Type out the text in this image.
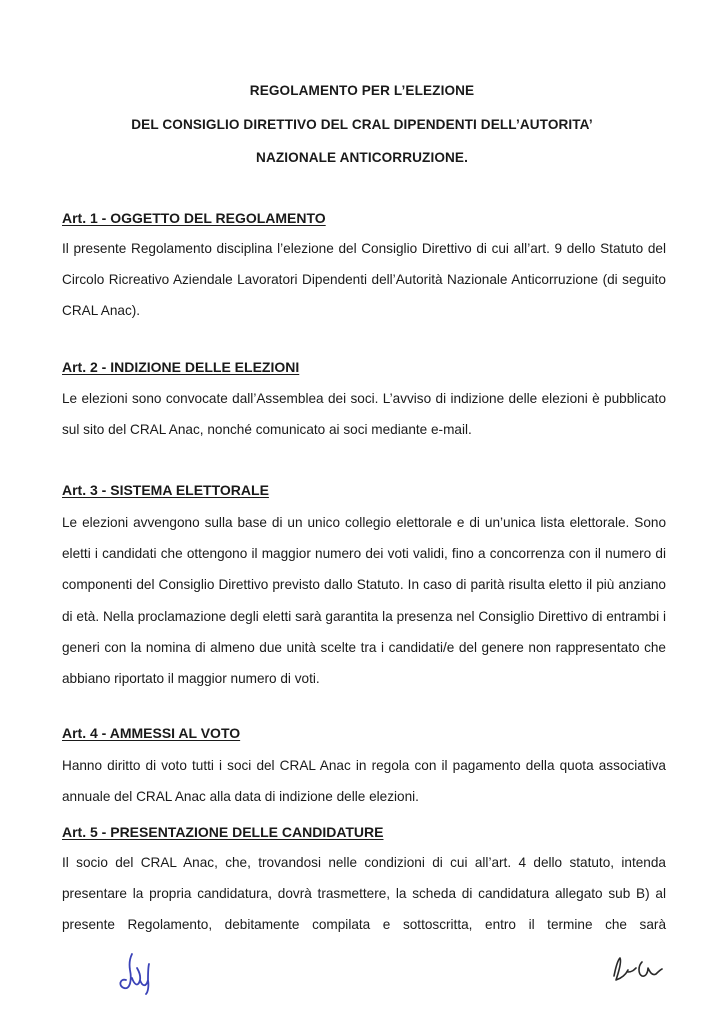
REGOLAMENTO PER L’ELEZIONE
DEL CONSIGLIO DIRETTIVO DEL CRAL DIPENDENTI DELL’AUTORITA’
NAZIONALE ANTICORRUZIONE.
Art. 1 - OGGETTO DEL REGOLAMENTO
Il presente Regolamento disciplina l’elezione del Consiglio Direttivo di cui all’art. 9 dello Statuto del Circolo Ricreativo Aziendale Lavoratori Dipendenti dell’Autorità Nazionale Anticorruzione (di seguito CRAL Anac).
Art. 2 - INDIZIONE DELLE ELEZIONI
Le elezioni sono convocate dall’Assemblea dei soci. L’avviso di indizione delle elezioni è pubblicato sul sito del CRAL Anac, nonché comunicato ai soci mediante e-mail.
Art. 3 - SISTEMA ELETTORALE
Le elezioni avvengono sulla base di un unico collegio elettorale e di un’unica lista elettorale. Sono eletti i candidati che ottengono il maggior numero dei voti validi, fino a concorrenza con il numero di componenti del Consiglio Direttivo previsto dallo Statuto. In caso di parità risulta eletto il più anziano di età. Nella proclamazione degli eletti sarà garantita la presenza nel Consiglio Direttivo di entrambi i generi con la nomina di almeno due unità scelte tra i candidati/e del genere non rappresentato che abbiano riportato il maggior numero di voti.
Art. 4 - AMMESSI AL VOTO
Hanno diritto di voto tutti i soci del CRAL Anac in regola con il pagamento della quota associativa annuale del CRAL Anac alla data di indizione delle elezioni.
Art. 5 - PRESENTAZIONE DELLE CANDIDATURE
Il socio del CRAL Anac, che, trovandosi nelle condizioni di cui all’art. 4 dello statuto, intenda presentare la propria candidatura, dovrà trasmettere, la scheda di candidatura allegato sub B) al presente Regolamento, debitamente compilata e sottoscritta, entro il termine che sarà
